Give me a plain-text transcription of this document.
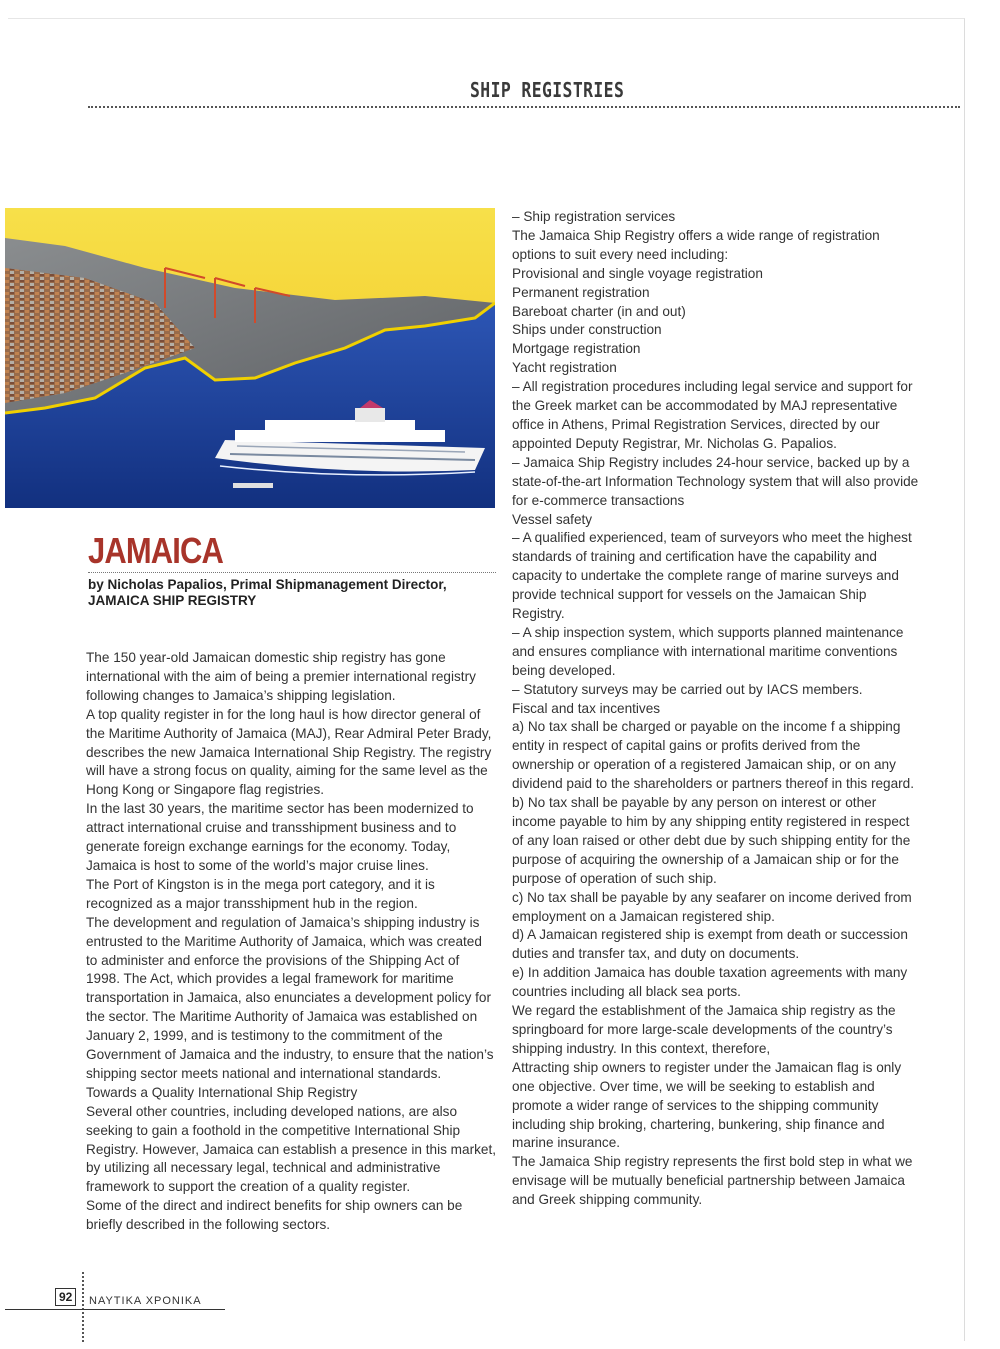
SHIP REGISTRIES
JAMAICA
by Nicholas Papalios, Primal Shipmanagement Director, JAMAICA SHIP REGISTRY

The 150 year-old Jamaican domestic ship registry has gone international with the aim of being a premier international registry following changes to Jamaica’s shipping legislation.

A top quality register in for the long haul is how director general of the Maritime Authority of Jamaica (MAJ), Rear Admiral Peter Brady, describes the new Jamaica International Ship Registry. The registry will have a strong focus on quality, aiming for the same level as the Hong Kong or Singapore flag registries.

In the last 30 years, the maritime sector has been modernized to attract international cruise and transshipment business and to generate foreign exchange earnings for the economy. Today, Jamaica is host to some of the world’s major cruise lines.

The Port of Kingston is in the mega port category, and it is recognized as a major transshipment hub in the region.

The development and regulation of Jamaica’s shipping industry is entrusted to the Maritime Authority of Jamaica, which was created to administer and enforce the provisions of the Shipping Act of 1998. The Act, which provides a legal framework for maritime transportation in Jamaica, also enunciates a development policy for the sector. The Maritime Authority of Jamaica was established on January 2, 1999, and is testimony to the commitment of the Government of Jamaica and the industry, to ensure that the nation’s shipping sector meets national and international standards.

Towards a Quality International Ship Registry

Several other countries, including developed nations, are also seeking to gain a foothold in the competitive International Ship Registry. However, Jamaica can establish a presence in this market, by utilizing all necessary legal, technical and administrative framework to support the creation of a quality register.

Some of the direct and indirect benefits for ship owners can be briefly described in the following sectors.

– Ship registration services

The Jamaica Ship Registry offers a wide range of registration options to suit every need including:

Provisional and single voyage registration

Permanent registration

Bareboat charter (in and out)

Ships under construction

Mortgage registration

Yacht registration

– All registration procedures including legal service and support for the Greek market can be accommodated by MAJ representative office in Athens, Primal Registration Services, directed by our appointed Deputy Registrar, Mr. Nicholas G. Papalios.

– Jamaica Ship Registry includes 24-hour service, backed up by a state-of-the-art Information Technology system that will also provide for e-commerce transactions

Vessel safety

– A qualified experienced, team of surveyors who meet the highest standards of training and certification have the capability and capacity to undertake the complete range of marine surveys and provide technical support for vessels on the Jamaican Ship Registry.

– A ship inspection system, which supports planned maintenance and ensures compliance with international maritime conventions being developed.

– Statutory surveys may be carried out by IACS members.

Fiscal and tax incentives

a) No tax shall be charged or payable on the income f a shipping entity in respect of capital gains or profits derived from the ownership or operation of a registered Jamaican ship, or on any dividend paid to the shareholders or partners thereof in this regard.

b) No tax shall be payable by any person on interest or other income payable to him by any shipping entity registered in respect of any loan raised or other debt due by such shipping entity for the purpose of acquiring the ownership of a Jamaican ship or for the purpose of operation of such ship.

c) No tax shall be payable by any seafarer on income derived from employment on a Jamaican registered ship.

d) A Jamaican registered ship is exempt from death or succession duties and transfer tax, and duty on documents.

e) In addition Jamaica has double taxation agreements with many countries including all black sea ports.

We regard the establishment of the Jamaica ship registry as the springboard for more large-scale developments of the country’s shipping industry. In this context, therefore,

Attracting ship owners to register under the Jamaican flag is only one objective. Over time, we will be seeking to establish and promote a wider range of services to the shipping community including ship broking, chartering, bunkering, ship finance and marine insurance.

The Jamaica Ship registry represents the first bold step in what we envisage will be mutually beneficial partnership between Jamaica and Greek shipping community.

92	ΝΑΥΤΙΚΑ ΧΡΟΝΙΚΑ
